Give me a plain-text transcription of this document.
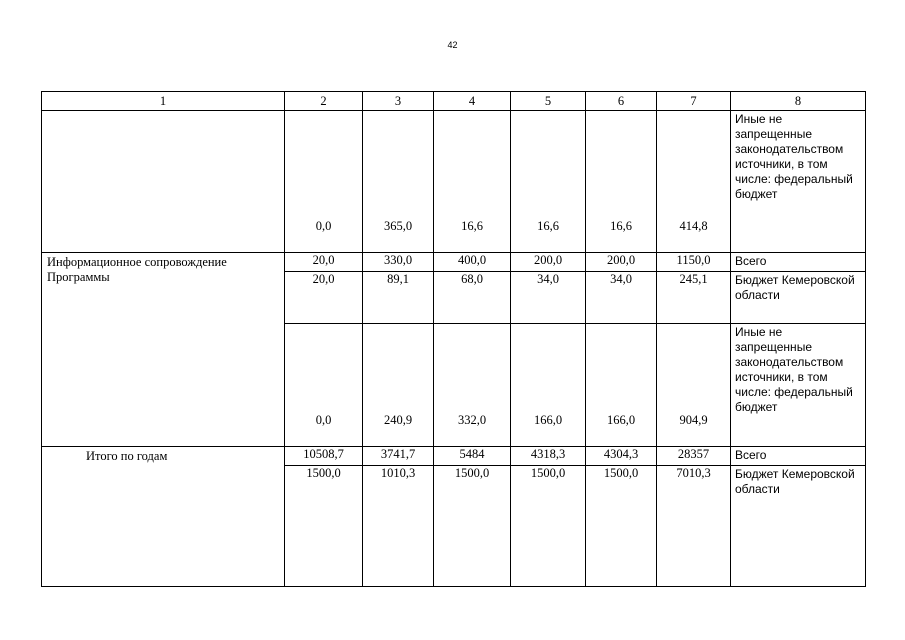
42
1	2	3	4	5	6	7	8
	0,0	365,0	16,6	16,6	16,6	414,8	Иные не запрещенные законодательством источники, в том числе: федеральный бюджет
Информационное сопровождение Программы	20,0	330,0	400,0	200,0	200,0	1150,0	Всего
	20,0	89,1	68,0	34,0	34,0	245,1	Бюджет Кемеровской области
	0,0	240,9	332,0	166,0	166,0	904,9	Иные не запрещенные законодательством источники, в том числе: федеральный бюджет
Итого по годам	10508,7	3741,7	5484	4318,3	4304,3	28357	Всего
	1500,0	1010,3	1500,0	1500,0	1500,0	7010,3	Бюджет Кемеровской области
